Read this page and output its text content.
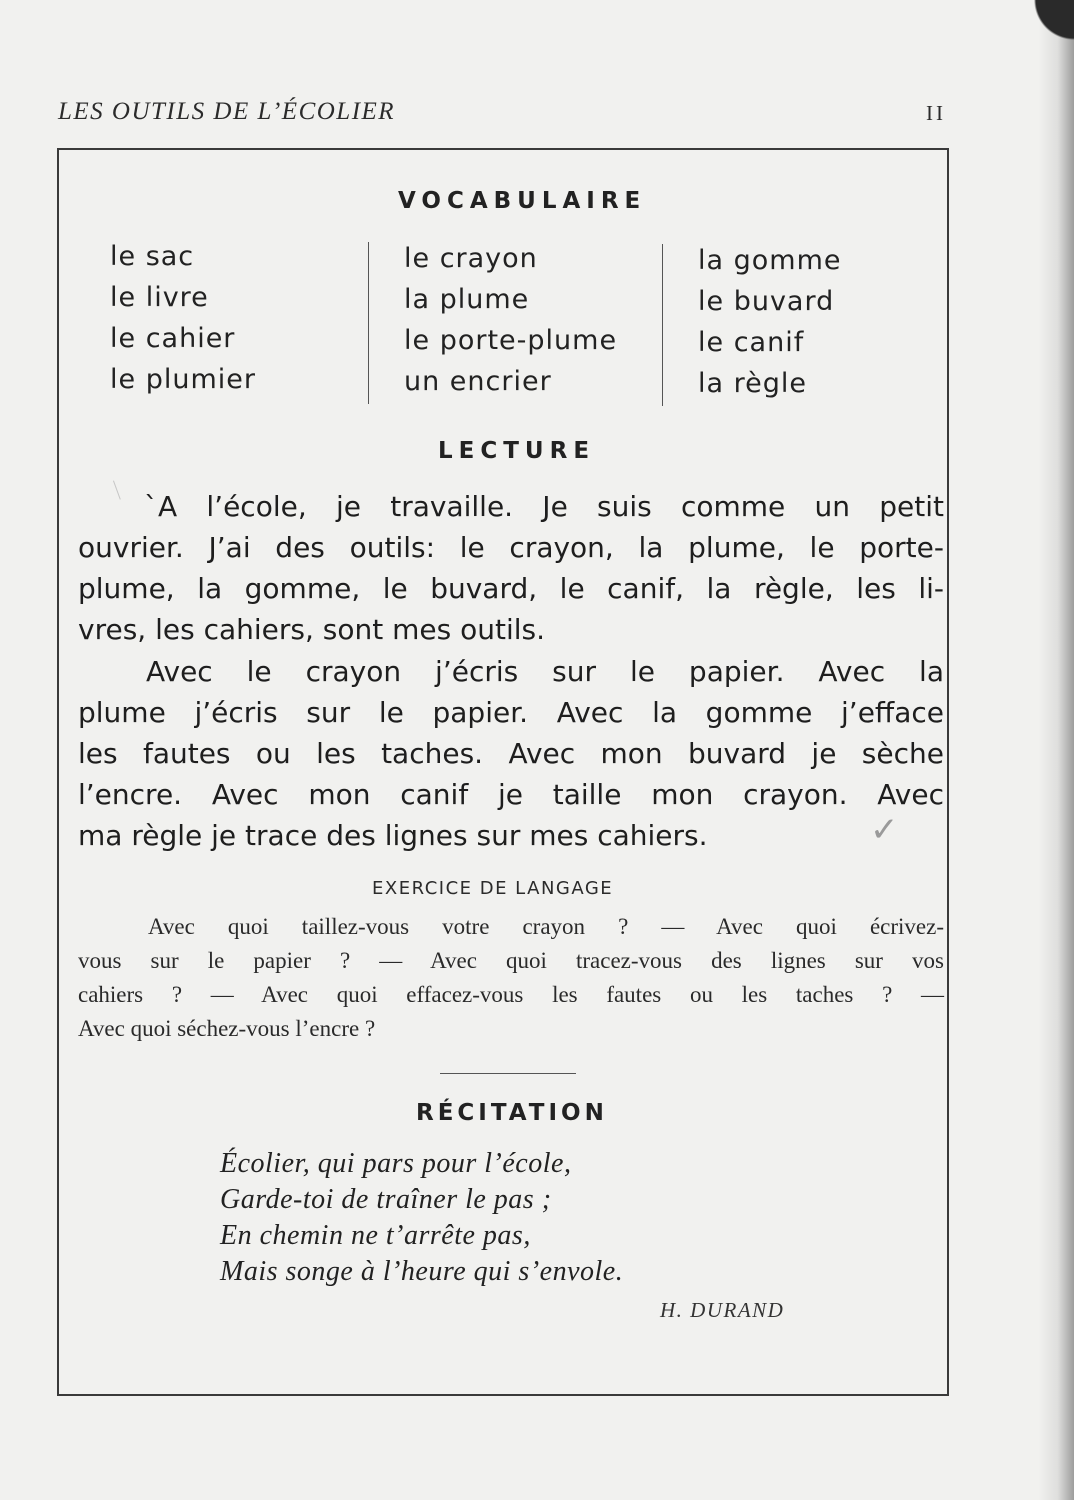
LES OUTILS DE L’ÉCOLIER	II
VOCABULAIRE
le sac
le livre
le cahier
le plumier
le crayon
la plume
le porte-plume
un encrier
la gomme
le buvard
le canif
la règle
LECTURE
`A l’école, je travaille. Je suis comme un petit
ouvrier. J’ai des outils: le crayon, la plume, le porte-
plume, la gomme, le buvard, le canif, la règle, les li-
vres, les cahiers, sont mes outils.
Avec le crayon j’écris sur le papier. Avec la
plume j’écris sur le papier. Avec la gomme j’efface
les fautes ou les taches. Avec mon buvard je sèche
l’encre. Avec mon canif je taille mon crayon. Avec
ma règle je trace des lignes sur mes cahiers.	✓
EXERCICE DE LANGAGE
Avec quoi taillez-vous votre crayon ? — Avec quoi écrivez-
vous sur le papier ? — Avec quoi tracez-vous des lignes sur vos
cahiers ? — Avec quoi effacez-vous les fautes ou les taches ? —
Avec quoi séchez-vous l’encre ?
RÉCITATION
Écolier, qui pars pour l’école,
Garde-toi de traîner le pas ;
En chemin ne t’arrête pas,
Mais songe à l’heure qui s’envole.
H. DURAND
